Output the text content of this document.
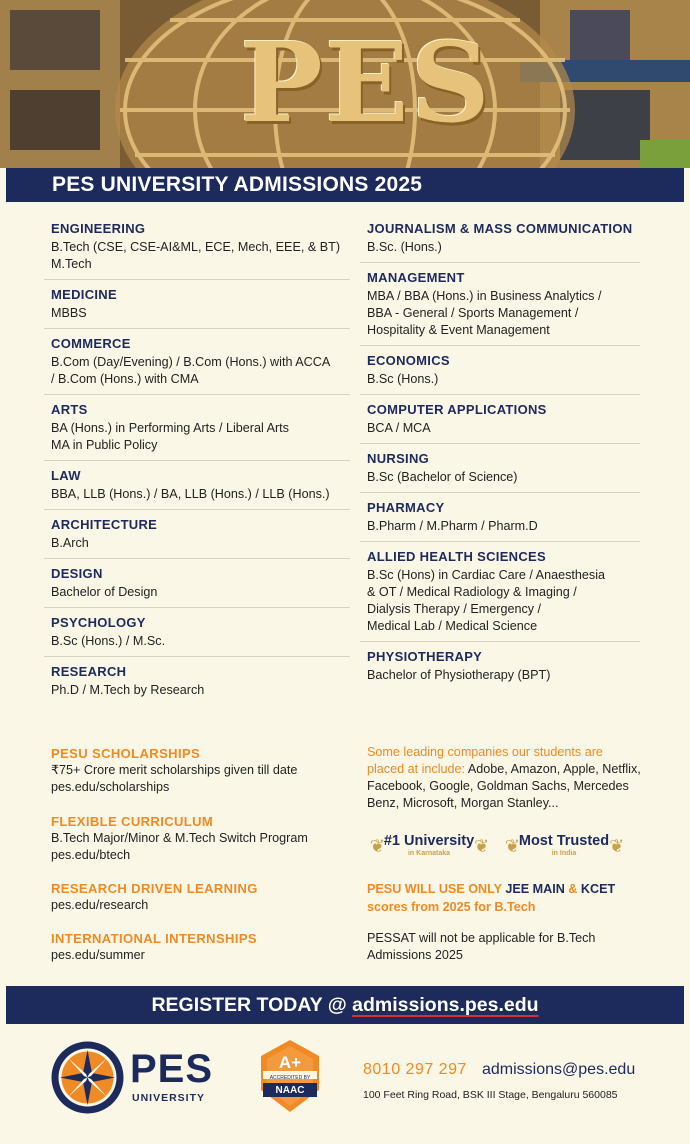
PES
PES UNIVERSITY ADMISSIONS 2025
ENGINEERING

B.Tech (CSE, CSE-AI&ML, ECE, Mech, EEE, & BT)

M.Tech

MEDICINE

MBBS

COMMERCE

B.Com (Day/Evening) / B.Com (Hons.) with ACCA

/ B.Com (Hons.) with CMA

ARTS

BA (Hons.) in Performing Arts / Liberal Arts

MA in Public Policy

LAW

BBA, LLB (Hons.) / BA, LLB (Hons.) / LLB (Hons.)

ARCHITECTURE

B.Arch

DESIGN

Bachelor of Design

PSYCHOLOGY

B.Sc (Hons.) / M.Sc.

RESEARCH

Ph.D / M.Tech by Research

JOURNALISM & MASS COMMUNICATION

B.Sc. (Hons.)

MANAGEMENT

MBA / BBA (Hons.) in Business Analytics /

BBA - General / Sports Management /

Hospitality & Event Management

ECONOMICS

B.Sc (Hons.)

COMPUTER APPLICATIONS

BCA / MCA

NURSING

B.Sc (Bachelor of Science)

PHARMACY

B.Pharm / M.Pharm / Pharm.D

ALLIED HEALTH SCIENCES

B.Sc (Hons) in Cardiac Care / Anaesthesia

& OT / Medical Radiology & Imaging /

Dialysis Therapy / Emergency /

Medical Lab / Medical Science

PHYSIOTHERAPY

Bachelor of Physiotherapy (BPT)

PESU SCHOLARSHIPS

₹75+ Crore merit scholarships given till date

pes.edu/scholarships

FLEXIBLE CURRICULUM

B.Tech Major/Minor & M.Tech Switch Program

pes.edu/btech

RESEARCH DRIVEN LEARNING

pes.edu/research

INTERNATIONAL INTERNSHIPS

pes.edu/summer

Some leading companies our students are placed at include: Adobe, Amazon, Apple, Netflix, Facebook, Google, Goldman Sachs, Mercedes Benz, Microsoft, Morgan Stanley...
❦
#1 University
in Karnataka	❦ ❦
Most Trusted
in India	❦
PESU WILL USE ONLY JEE MAIN & KCET
scores from 2025 for B.Tech

PESSAT will not be applicable for B.Tech

Admissions 2025

REGISTER TODAY @ admissions.pes.edu
PES
UNIVERSITY
A+
ACCREDITED BY
NAAC
8010 297 297 admissions@pes.edu
100 Feet Ring Road, BSK III Stage, Bengaluru 560085
